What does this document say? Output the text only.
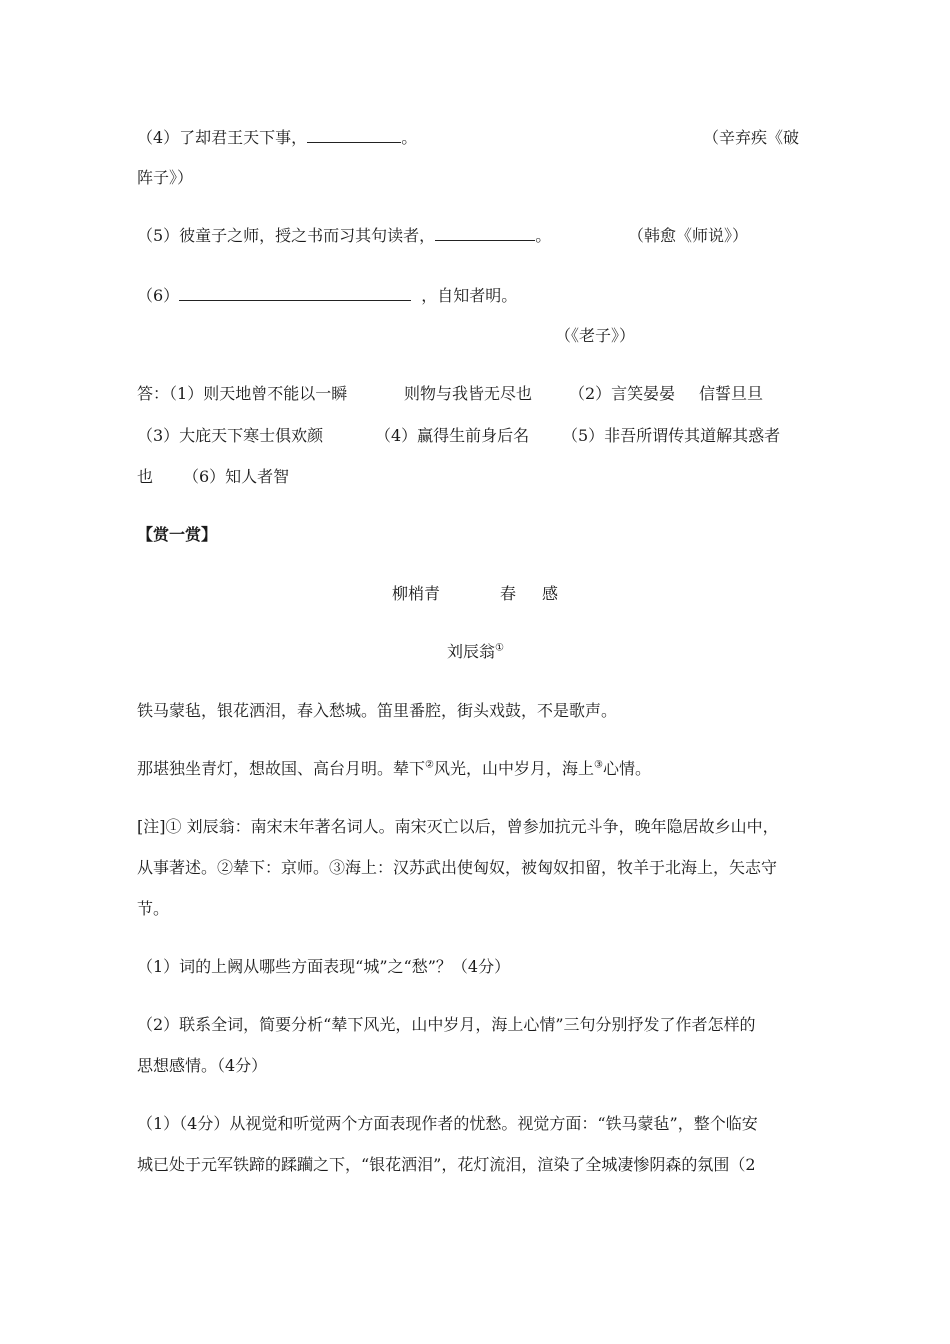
（4）了却君王天下事，	。	（辛弃疾《破
阵子》）
（5）彼童子之师，授之书而习其句读者，	。	（韩愈《师说》）
（6）	，自知者明。
（《老子》）
答：（1）则天地曾不能以一瞬	则物与我皆无尽也 （2）言笑晏晏 信誓旦旦
（3）大庇天下寒士俱欢颜	（4）赢得生前身后名 （5）非吾所谓传其道解其惑者
也 （6）知人者智
【赏一赏】
柳梢青	春 感
刘辰翁①
铁马蒙毡，银花洒泪，春入愁城。笛里番腔，街头戏鼓，不是歌声。
那堪独坐青灯，想故国、高台月明。辇下②风光，山中岁月，海上③心情。
[注]① 刘辰翁：南宋末年著名词人。南宋灭亡以后，曾参加抗元斗争，晚年隐居故乡山中，
从事著述。②辇下：京师。③海上：汉苏武出使匈奴，被匈奴扣留，牧羊于北海上，矢志守
节。
（1）词的上阙从哪些方面表现“城”之“愁”？（4分）
（2）联系全词，简要分析“辇下风光，山中岁月，海上心情”三句分别抒发了作者怎样的
思想感情。（4分）
（1）（4分）从视觉和听觉两个方面表现作者的忧愁。视觉方面：“铁马蒙毡”，整个临安
城已处于元军铁蹄的蹂躏之下，“银花洒泪”，花灯流泪，渲染了全城凄惨阴森的氛围（2
